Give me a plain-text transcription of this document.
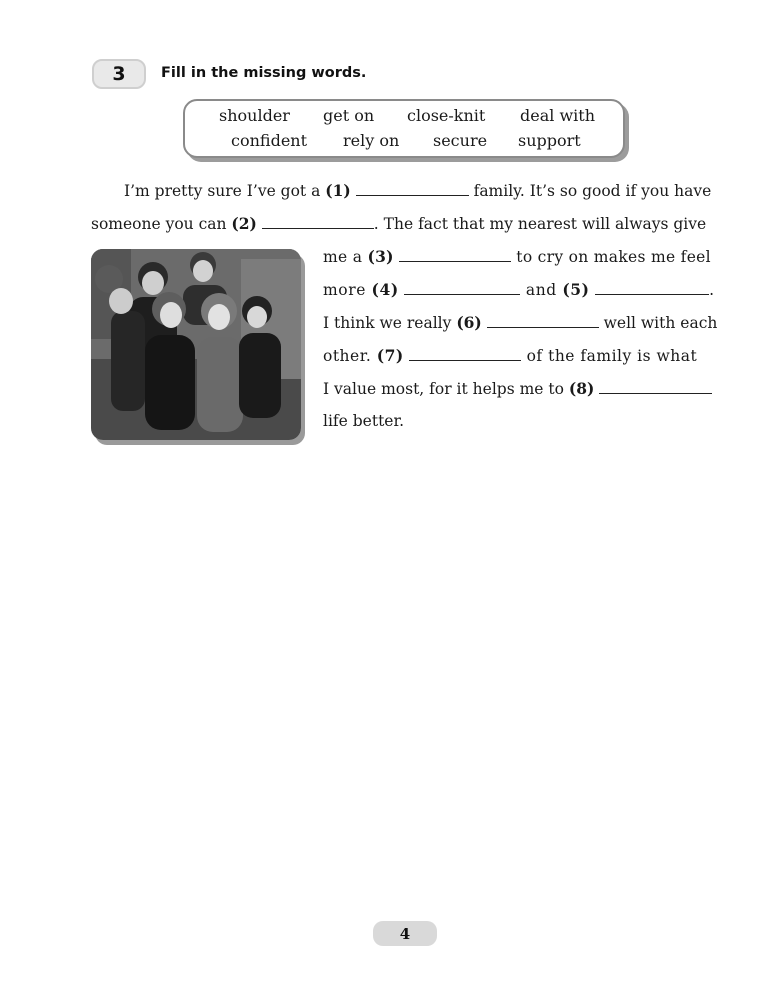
3 Fill in the missing words.
shoulder get on close-knit deal with
confident rely on secure support
I’m pretty sure I’ve got a (1)	family. It’s so good if you have
someone you can (2)	. The fact that my nearest will always give
me a (3)	to cry on makes me feel
more (4)	and (5)	.
I think we really (6)	well with each
other. (7)	of the family is what
I value most, for it helps me to (8)
life better.
4
